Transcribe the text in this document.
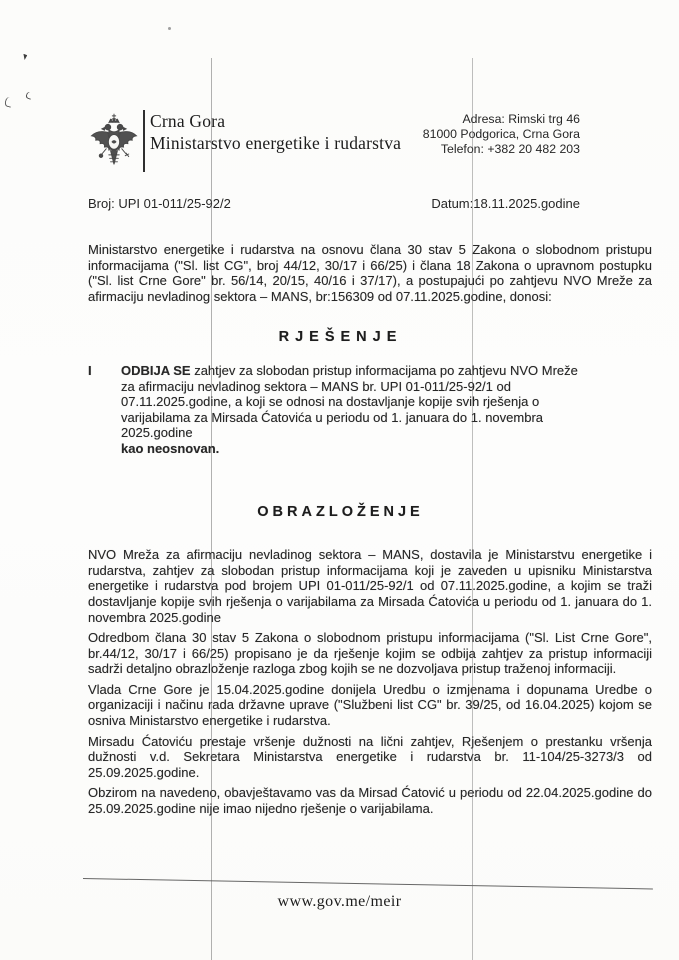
Crna Gora
Ministarstvo energetike i rudarstva
Adresa: Rimski trg 46
81000 Podgorica, Crna Gora
Telefon: +382 20 482 203
Broj: UPI 01-011/25-92/2	Datum:18.11.2025.godine

Ministarstvo energetike i rudarstva na osnovu člana 30 stav 5 Zakona o slobodnom pristupu informacijama ("Sl. list CG", broj 44/12, 30/17 i 66/25) i člana 18 Zakona o upravnom postupku ("Sl. list Crne Gore" br. 56/14, 20/15, 40/16 i 37/17), a postupajući po zahtjevu NVO Mreže za afirmaciju nevladinog sektora – MANS, br:156309 od 07.11.2025.godine, donosi:

RJEŠENJE
I	ODBIJA SE zahtjev za slobodan pristup informacijama po zahtjevu NVO Mreže za afirmaciju nevladinog sektora – MANS br. UPI 01-011/25-92/1 od 07.11.2025.godine, a koji se odnosi na dostavljanje kopije svih rješenja o varijabilama za Mirsada Ćatovića u periodu od 1. januara do 1. novembra 2025.godine
kao neosnovan.
OBRAZLOŽENJE

NVO Mreža za afirmaciju nevladinog sektora – MANS, dostavila je Ministarstvu energetike i rudarstva, zahtjev za slobodan pristup informacijama koji je zaveden u upisniku Ministarstva energetike i rudarstva pod brojem UPI 01-011/25-92/1 od 07.11.2025.godine, a kojim se traži dostavljanje kopije svih rješenja o varijabilama za Mirsada Ćatovića u periodu od 1. januara do 1. novembra 2025.godine

Odredbom člana 30 stav 5 Zakona o slobodnom pristupu informacijama ("Sl. List Crne Gore", br.44/12, 30/17 i 66/25) propisano je da rješenje kojim se odbija zahtjev za pristup informaciji sadrži detaljno obrazloženje razloga zbog kojih se ne dozvoljava pristup traženoj informaciji.

Vlada Crne Gore je 15.04.2025.godine donijela Uredbu o izmjenama i dopunama Uredbe o organizaciji i načinu rada državne uprave ("Službeni list CG" br. 39/25, od 16.04.2025) kojom se osniva Ministarstvo energetike i rudarstva.

Mirsadu Ćatoviću prestaje vršenje dužnosti na lični zahtjev, Rješenjem o prestanku vršenja dužnosti v.d. Sekretara Ministarstva energetike i rudarstva br. 11-104/25-3273/3 od 25.09.2025.godine.

Obzirom na navedeno, obavještavamo vas da Mirsad Ćatović u periodu od 22.04.2025.godine do 25.09.2025.godine nije imao nijedno rješenje o varijabilama.

www.gov.me/meir
